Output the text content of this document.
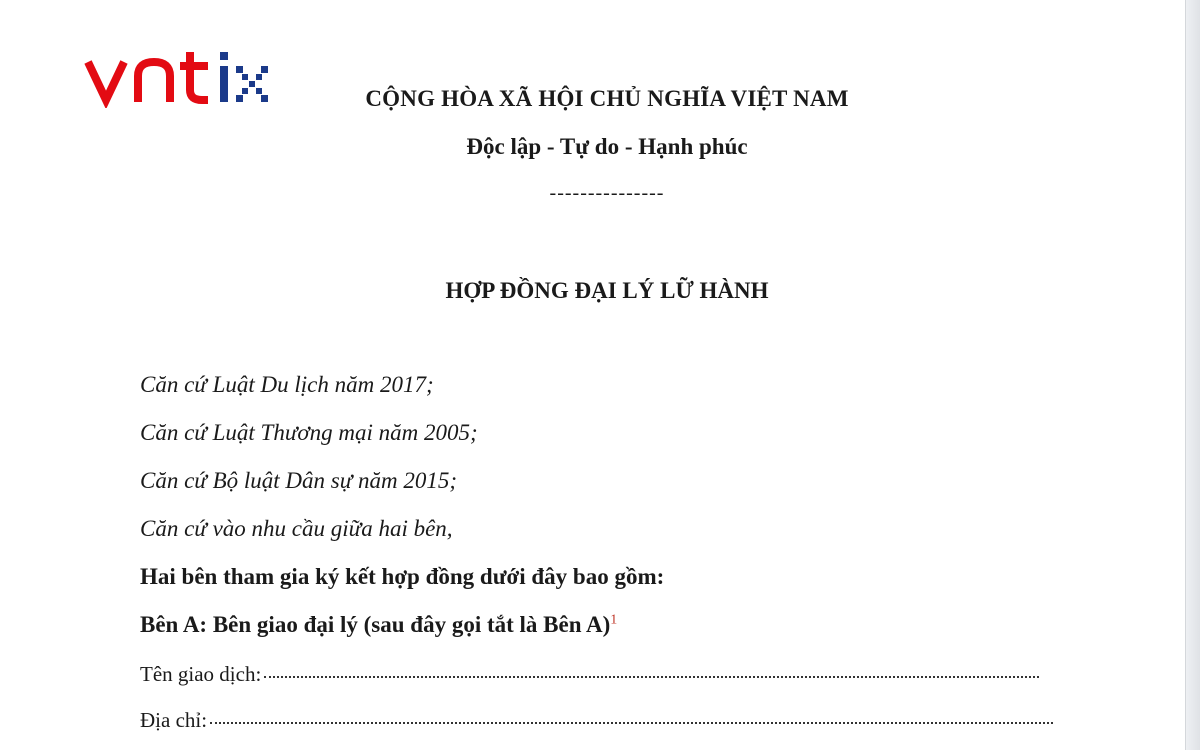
CỘNG HÒA XÃ HỘI CHỦ NGHĨA VIỆT NAM
Độc lập - Tự do - Hạnh phúc
---------------
HỢP ĐỒNG ĐẠI LÝ LỮ HÀNH
Căn cứ Luật Du lịch năm 2017;
Căn cứ Luật Thương mại năm 2005;
Căn cứ Bộ luật Dân sự năm 2015;
Căn cứ vào nhu cầu giữa hai bên,
Hai bên tham gia ký kết hợp đồng dưới đây bao gồm:
Bên A: Bên giao đại lý (sau đây gọi tắt là Bên A)$^1$
Tên giao dịch:
Địa chỉ:
